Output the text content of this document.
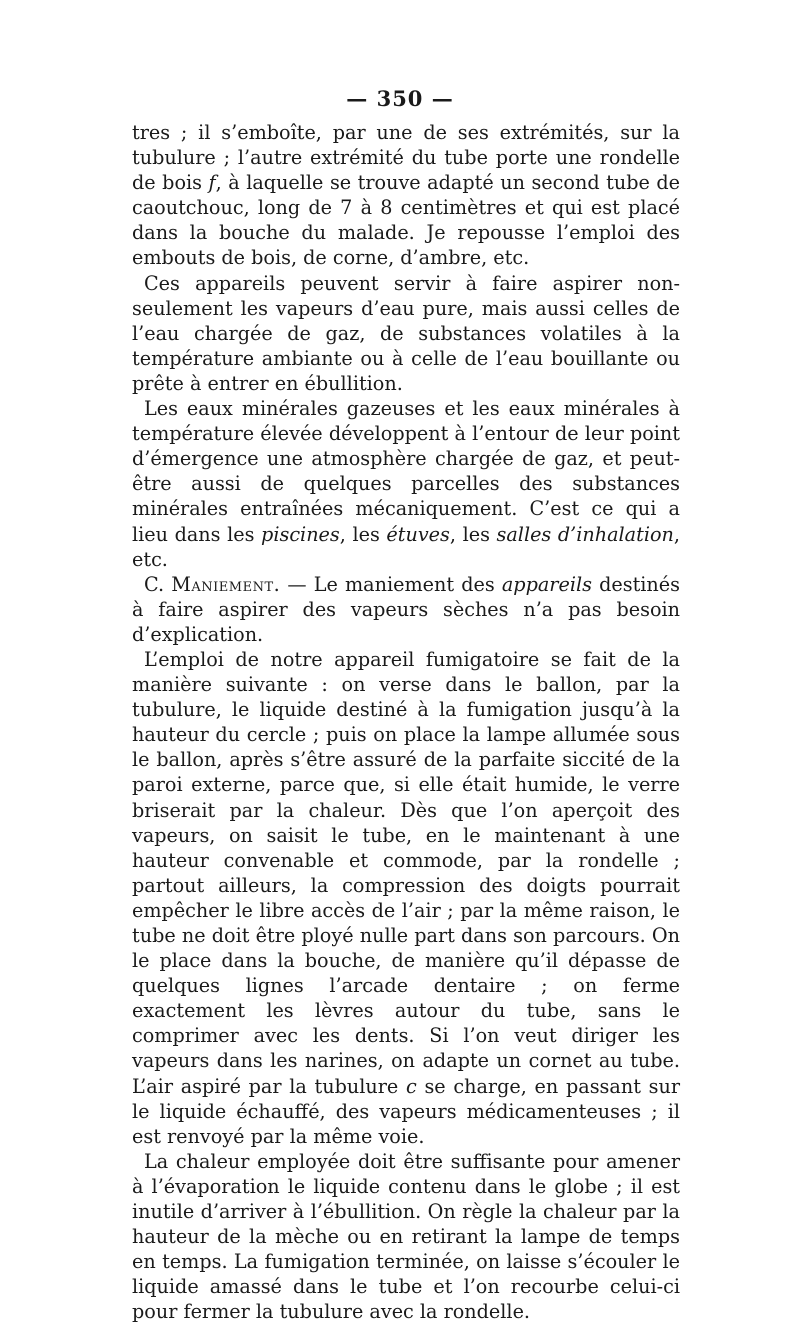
— 350 —

tres ; il s’emboîte, par une de ses extrémités, sur la tubulure ; l’autre extrémité du tube porte une rondelle de bois f, à laquelle se trouve adapté un second tube de caoutchouc, long de 7 à 8 centimètres et qui est placé dans la bouche du malade. Je repousse l’emploi des embouts de bois, de corne, d’ambre, etc.

Ces appareils peuvent servir à faire aspirer non-seulement les vapeurs d’eau pure, mais aussi celles de l’eau chargée de gaz, de substances volatiles à la température ambiante ou à celle de l’eau bouillante ou prête à entrer en ébullition.

Les eaux minérales gazeuses et les eaux minérales à température élevée développent à l’entour de leur point d’émergence une atmosphère chargée de gaz, et peut-être aussi de quelques parcelles des substances minérales entraînées mécaniquement. C’est ce qui a lieu dans les piscines, les étuves, les salles d’inhalation, etc.

C. Maniement. — Le maniement des appareils destinés à faire aspirer des vapeurs sèches n’a pas besoin d’explication.

L’emploi de notre appareil fumigatoire se fait de la manière suivante : on verse dans le ballon, par la tubulure, le liquide destiné à la fumigation jusqu’à la hauteur du cercle ; puis on place la lampe allumée sous le ballon, après s’être assuré de la parfaite siccité de la paroi externe, parce que, si elle était humide, le verre briserait par la chaleur. Dès que l’on aperçoit des vapeurs, on saisit le tube, en le maintenant à une hauteur convenable et commode, par la rondelle ; partout ailleurs, la compression des doigts pourrait empêcher le libre accès de l’air ; par la même raison, le tube ne doit être ployé nulle part dans son parcours. On le place dans la bouche, de manière qu’il dépasse de quelques lignes l’arcade dentaire ; on ferme exactement les lèvres autour du tube, sans le comprimer avec les dents. Si l’on veut diriger les vapeurs dans les narines, on adapte un cornet au tube. L’air aspiré par la tubulure c se charge, en passant sur le liquide échauffé, des vapeurs médicamenteuses ; il est renvoyé par la même voie.

La chaleur employée doit être suffisante pour amener à l’évaporation le liquide contenu dans le globe ; il est inutile d’arriver à l’ébullition. On règle la chaleur par la hauteur de la mèche ou en retirant la lampe de temps en temps. La fumigation terminée, on laisse s’écouler le liquide amassé dans le tube et l’on recourbe celui-ci pour fermer la tubulure avec la rondelle.
